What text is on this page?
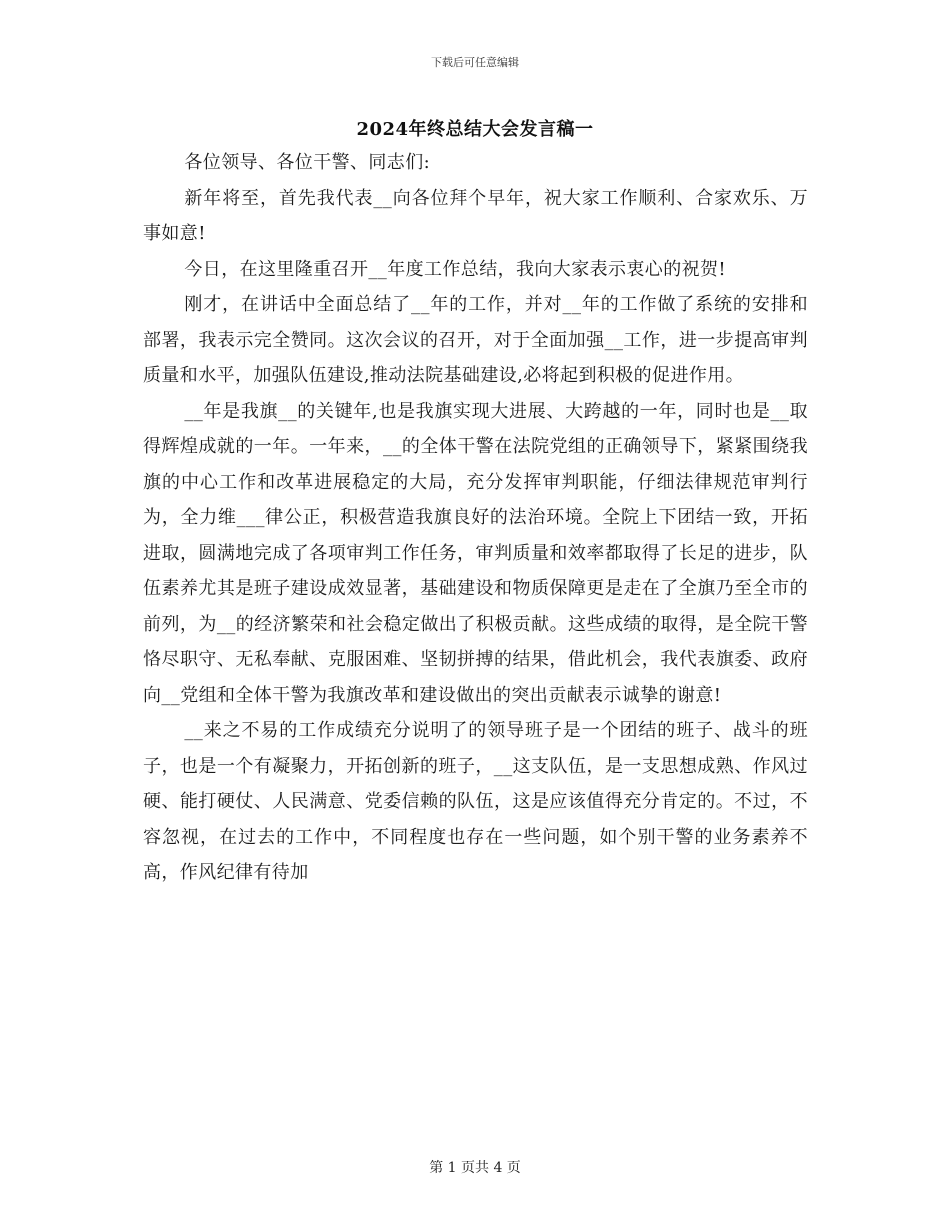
下载后可任意编辑
2024年终总结大会发言稿一

各位领导、各位干警、同志们:

新年将至，首先我代表__向各位拜个早年，祝大家工作顺利、合家欢乐、万事如意!

今日，在这里隆重召开__年度工作总结，我向大家表示衷心的祝贺!

刚才，在讲话中全面总结了__年的工作，并对__年的工作做了系统的安排和部署，我表示完全赞同。这次会议的召开，对于全面加强__工作，进一步提高审判质量和水平，加强队伍建设,推动法院基础建设,必将起到积极的促进作用。

__年是我旗__的关键年,也是我旗实现大进展、大跨越的一年，同时也是__取得辉煌成就的一年。一年来，__的全体干警在法院党组的正确领导下，紧紧围绕我旗的中心工作和改革进展稳定的大局，充分发挥审判职能，仔细法律规范审判行为，全力维___律公正，积极营造我旗良好的法治环境。全院上下团结一致，开拓进取，圆满地完成了各项审判工作任务，审判质量和效率都取得了长足的进步，队伍素养尤其是班子建设成效显著，基础建设和物质保障更是走在了全旗乃至全市的前列，为__的经济繁荣和社会稳定做出了积极贡献。这些成绩的取得，是全院干警恪尽职守、无私奉献、克服困难、坚韧拼搏的结果，借此机会，我代表旗委、政府向__党组和全体干警为我旗改革和建设做出的突出贡献表示诚挚的谢意!

__来之不易的工作成绩充分说明了的领导班子是一个团结的班子、战斗的班子，也是一个有凝聚力，开拓创新的班子，__这支队伍，是一支思想成熟、作风过硬、能打硬仗、人民满意、党委信赖的队伍，这是应该值得充分肯定的。不过，不容忽视，在过去的工作中，不同程度也存在一些问题，如个别干警的业务素养不高，作风纪律有待加

第 1 页共 4 页
